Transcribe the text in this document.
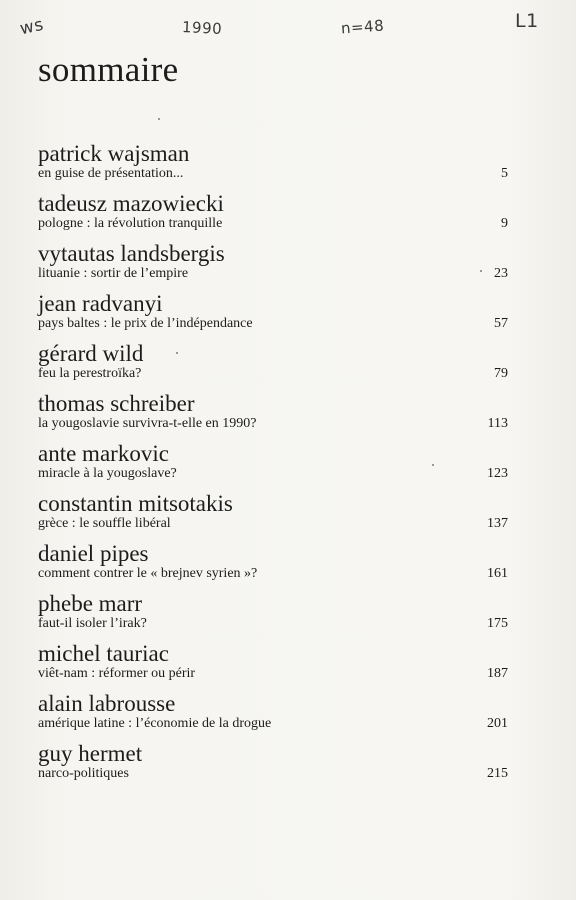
ws	1990	n=48	L1
sommaire
patrick wajsman
en guise de présentation...	5
tadeusz mazowiecki
pologne : la révolution tranquille	9
vytautas landsbergis
lituanie : sortir de l’empire	23
jean radvanyi
pays baltes : le prix de l’indépendance	57
gérard wild
feu la perestroïka?	79
thomas schreiber
la yougoslavie survivra-t-elle en 1990?	113
ante markovic
miracle à la yougoslave?	123
constantin mitsotakis
grèce : le souffle libéral	137
daniel pipes
comment contrer le « brejnev syrien »?	161
phebe marr
faut-il isoler l’irak?	175
michel tauriac
viêt-nam : réformer ou périr	187
alain labrousse
amérique latine : l’économie de la drogue	201
guy hermet
narco-politiques	215
